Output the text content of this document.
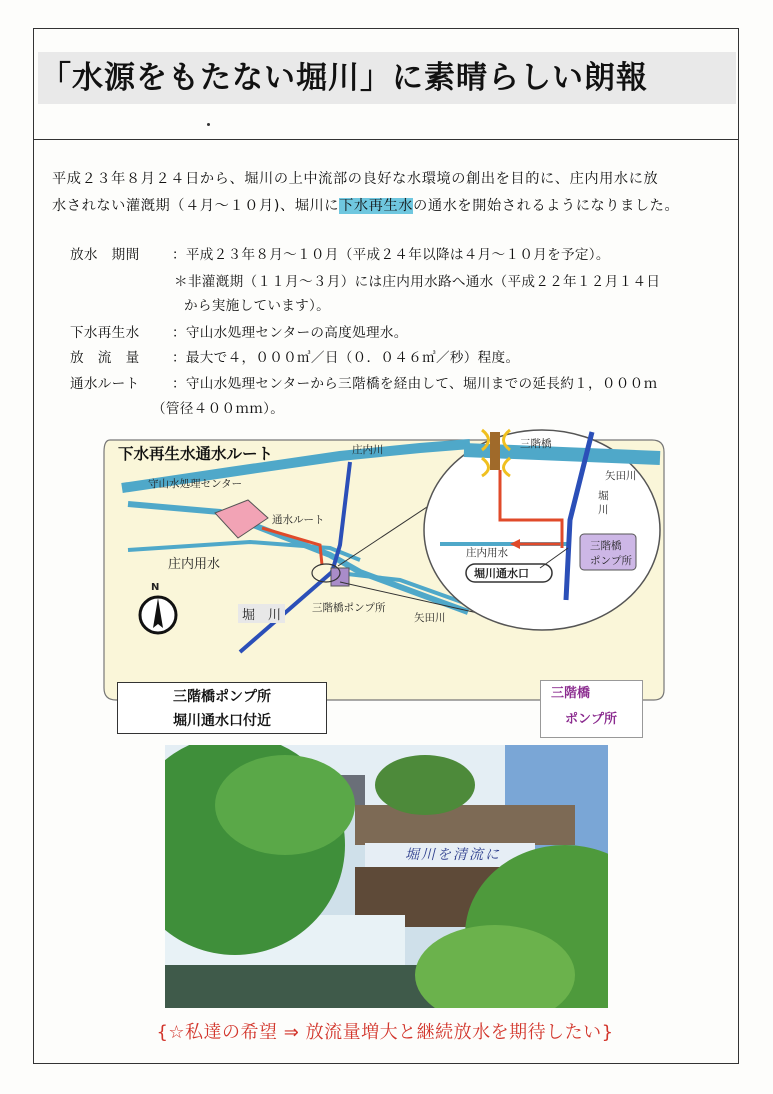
「水源をもたない堀川」に素晴らしい朗報
平成２３年８月２４日から、堀川の上中流部の良好な水環境の創出を目的に、庄内用水に放
水されない灌漑期（４月～１０月)、堀川に下水再生水の通水を開始されるようになりました。
放水　期間	：平成２３年８月～１０月（平成２４年以降は４月～１０月を予定）。
＊非灌漑期（１１月～３月）には庄内用水路へ通水（平成２２年１２月１４日
から実施しています）。
下水再生水	：守山水処理センターの高度処理水。
放　流　量	：最大で４，０００㎥／日（０．０４６㎥／秒）程度。
通水ルート	：守山水処理センターから三階橋を経由して、堀川までの延長約１，０００ｍ
（管径４００ｍｍ）。
下水再生水通水ルート	庄内川
守山水処理センター
通水ルート
庄内用水
N
堀　川	三階橋ポンプ所
矢田川
三階橋
矢田川
堀
川
庄内用水
三階橋
ポンプ所
堀川通水口
三階橋ポンプ所
堀川通水口付近
三階橋
ポンプ所
堀川を清流に
{☆私達の希望 ⇒ 放流量増大と継続放水を期待したい}
